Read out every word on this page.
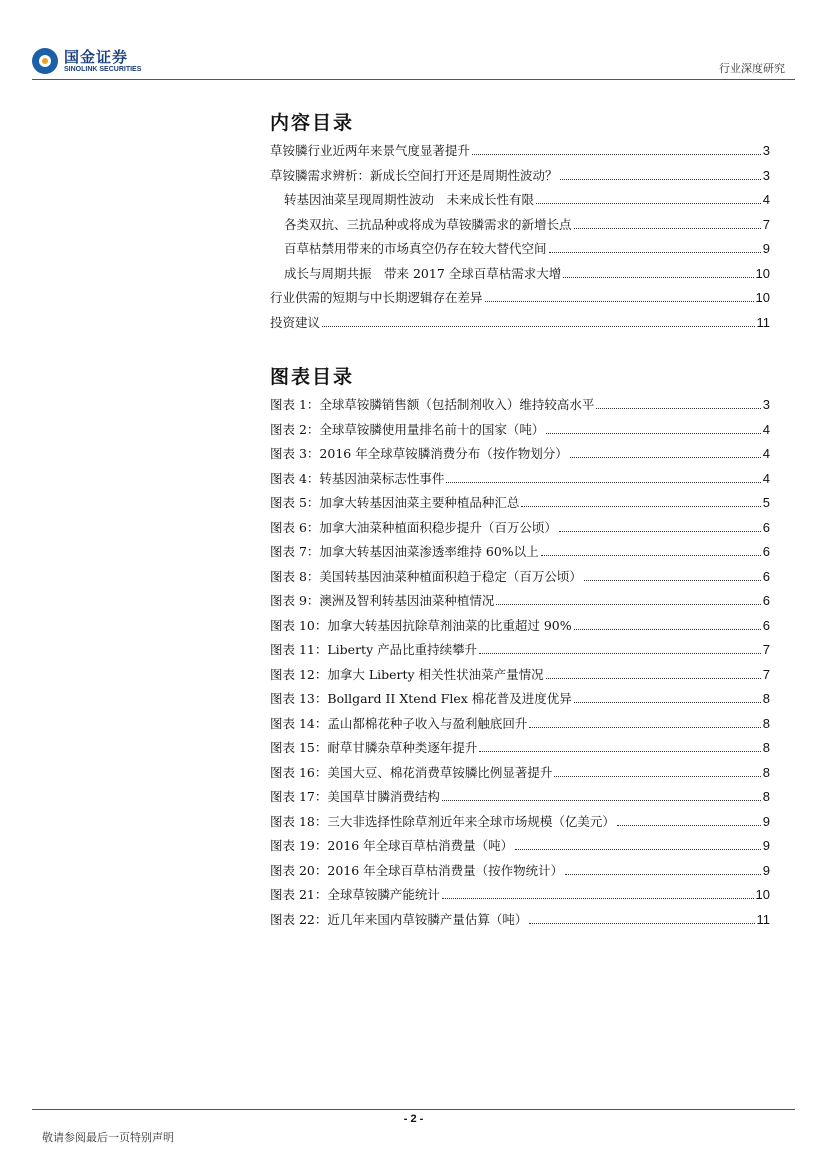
国金证券
SINOLINK SECURITIES	行业深度研究
内容目录
草铵膦行业近两年来景气度显著提升	3
草铵膦需求辨析：新成长空间打开还是周期性波动？	3
转基因油菜呈现周期性波动　未来成长性有限	4
各类双抗、三抗品种或将成为草铵膦需求的新增长点	7
百草枯禁用带来的市场真空仍存在较大替代空间	9
成长与周期共振　带来 2017 全球百草枯需求大增	10
行业供需的短期与中长期逻辑存在差异	10
投资建议	11
图表目录
图表 1：全球草铵膦销售额（包括制剂收入）维持较高水平	3
图表 2：全球草铵膦使用量排名前十的国家（吨）	4
图表 3：2016 年全球草铵膦消费分布（按作物划分）	4
图表 4：转基因油菜标志性事件	4
图表 5：加拿大转基因油菜主要种植品种汇总	5
图表 6：加拿大油菜种植面积稳步提升（百万公顷）	6
图表 7：加拿大转基因油菜渗透率维持 60%以上	6
图表 8：美国转基因油菜种植面积趋于稳定（百万公顷）	6
图表 9：澳洲及智利转基因油菜种植情况	6
图表 10：加拿大转基因抗除草剂油菜的比重超过 90%	6
图表 11：Liberty 产品比重持续攀升	7
图表 12：加拿大 Liberty 相关性状油菜产量情况	7
图表 13：Bollgard II Xtend Flex 棉花普及进度优异	8
图表 14：孟山都棉花种子收入与盈利触底回升	8
图表 15：耐草甘膦杂草种类逐年提升	8
图表 16：美国大豆、棉花消费草铵膦比例显著提升	8
图表 17：美国草甘膦消费结构	8
图表 18：三大非选择性除草剂近年来全球市场规模（亿美元）	9
图表 19：2016 年全球百草枯消费量（吨）	9
图表 20：2016 年全球百草枯消费量（按作物统计）	9
图表 21：全球草铵膦产能统计	10
图表 22：近几年来国内草铵膦产量估算（吨）	11
- 2 -
敬请参阅最后一页特别声明
